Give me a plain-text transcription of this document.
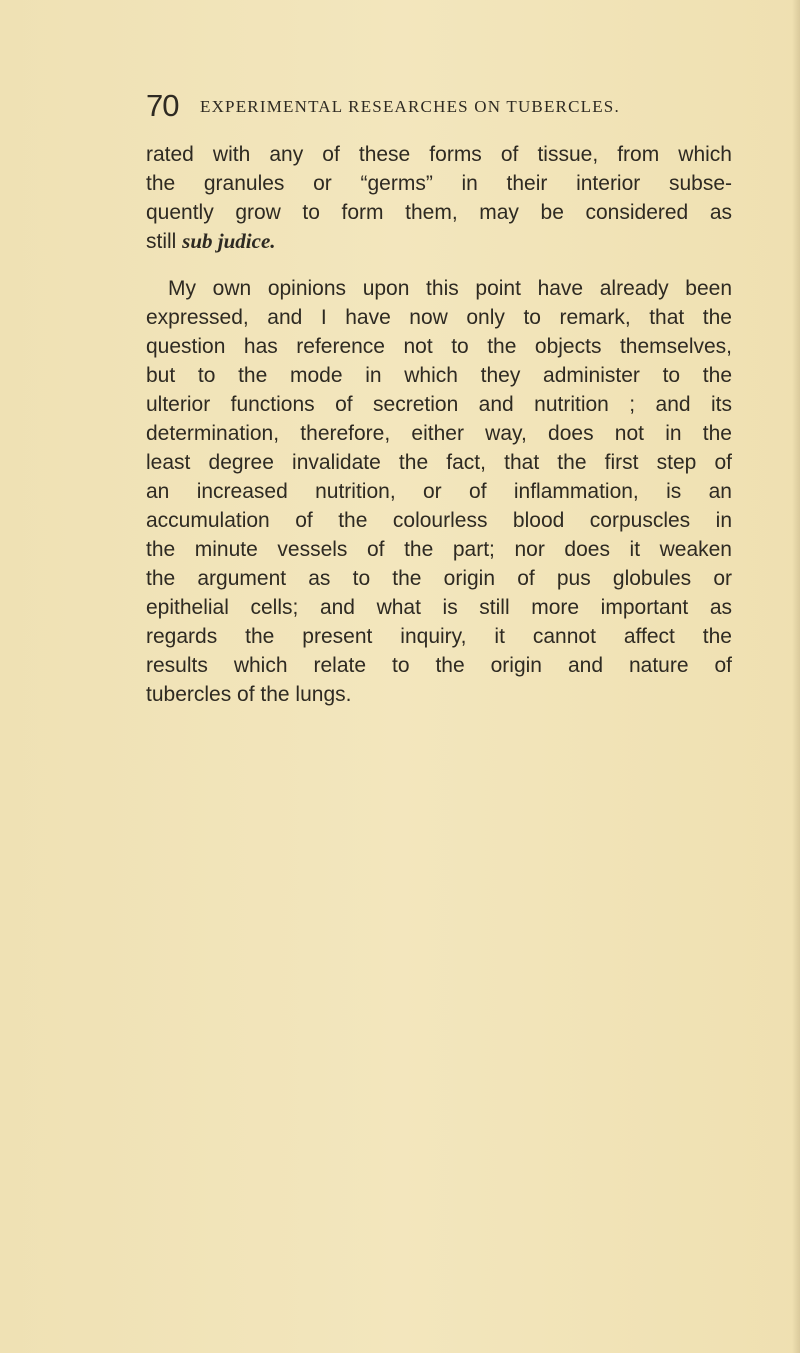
70 EXPERIMENTAL RESEARCHES ON TUBERCLES.

rated with any of these forms of tissue, from which
the granules or “germs” in their interior subse-
quently grow to form them, may be considered as
still sub judice.

My own opinions upon this point have already been
expressed, and I have now only to remark, that the
question has reference not to the objects themselves,
but to the mode in which they administer to the
ulterior functions of secretion and nutrition ; and its
determination, therefore, either way, does not in the
least degree invalidate the fact, that the first step of
an increased nutrition, or of inflammation, is an
accumulation of the colourless blood corpuscles in
the minute vessels of the part; nor does it weaken
the argument as to the origin of pus globules or
epithelial cells; and what is still more important as
regards the present inquiry, it cannot affect the
results which relate to the origin and nature of
tubercles of the lungs.
